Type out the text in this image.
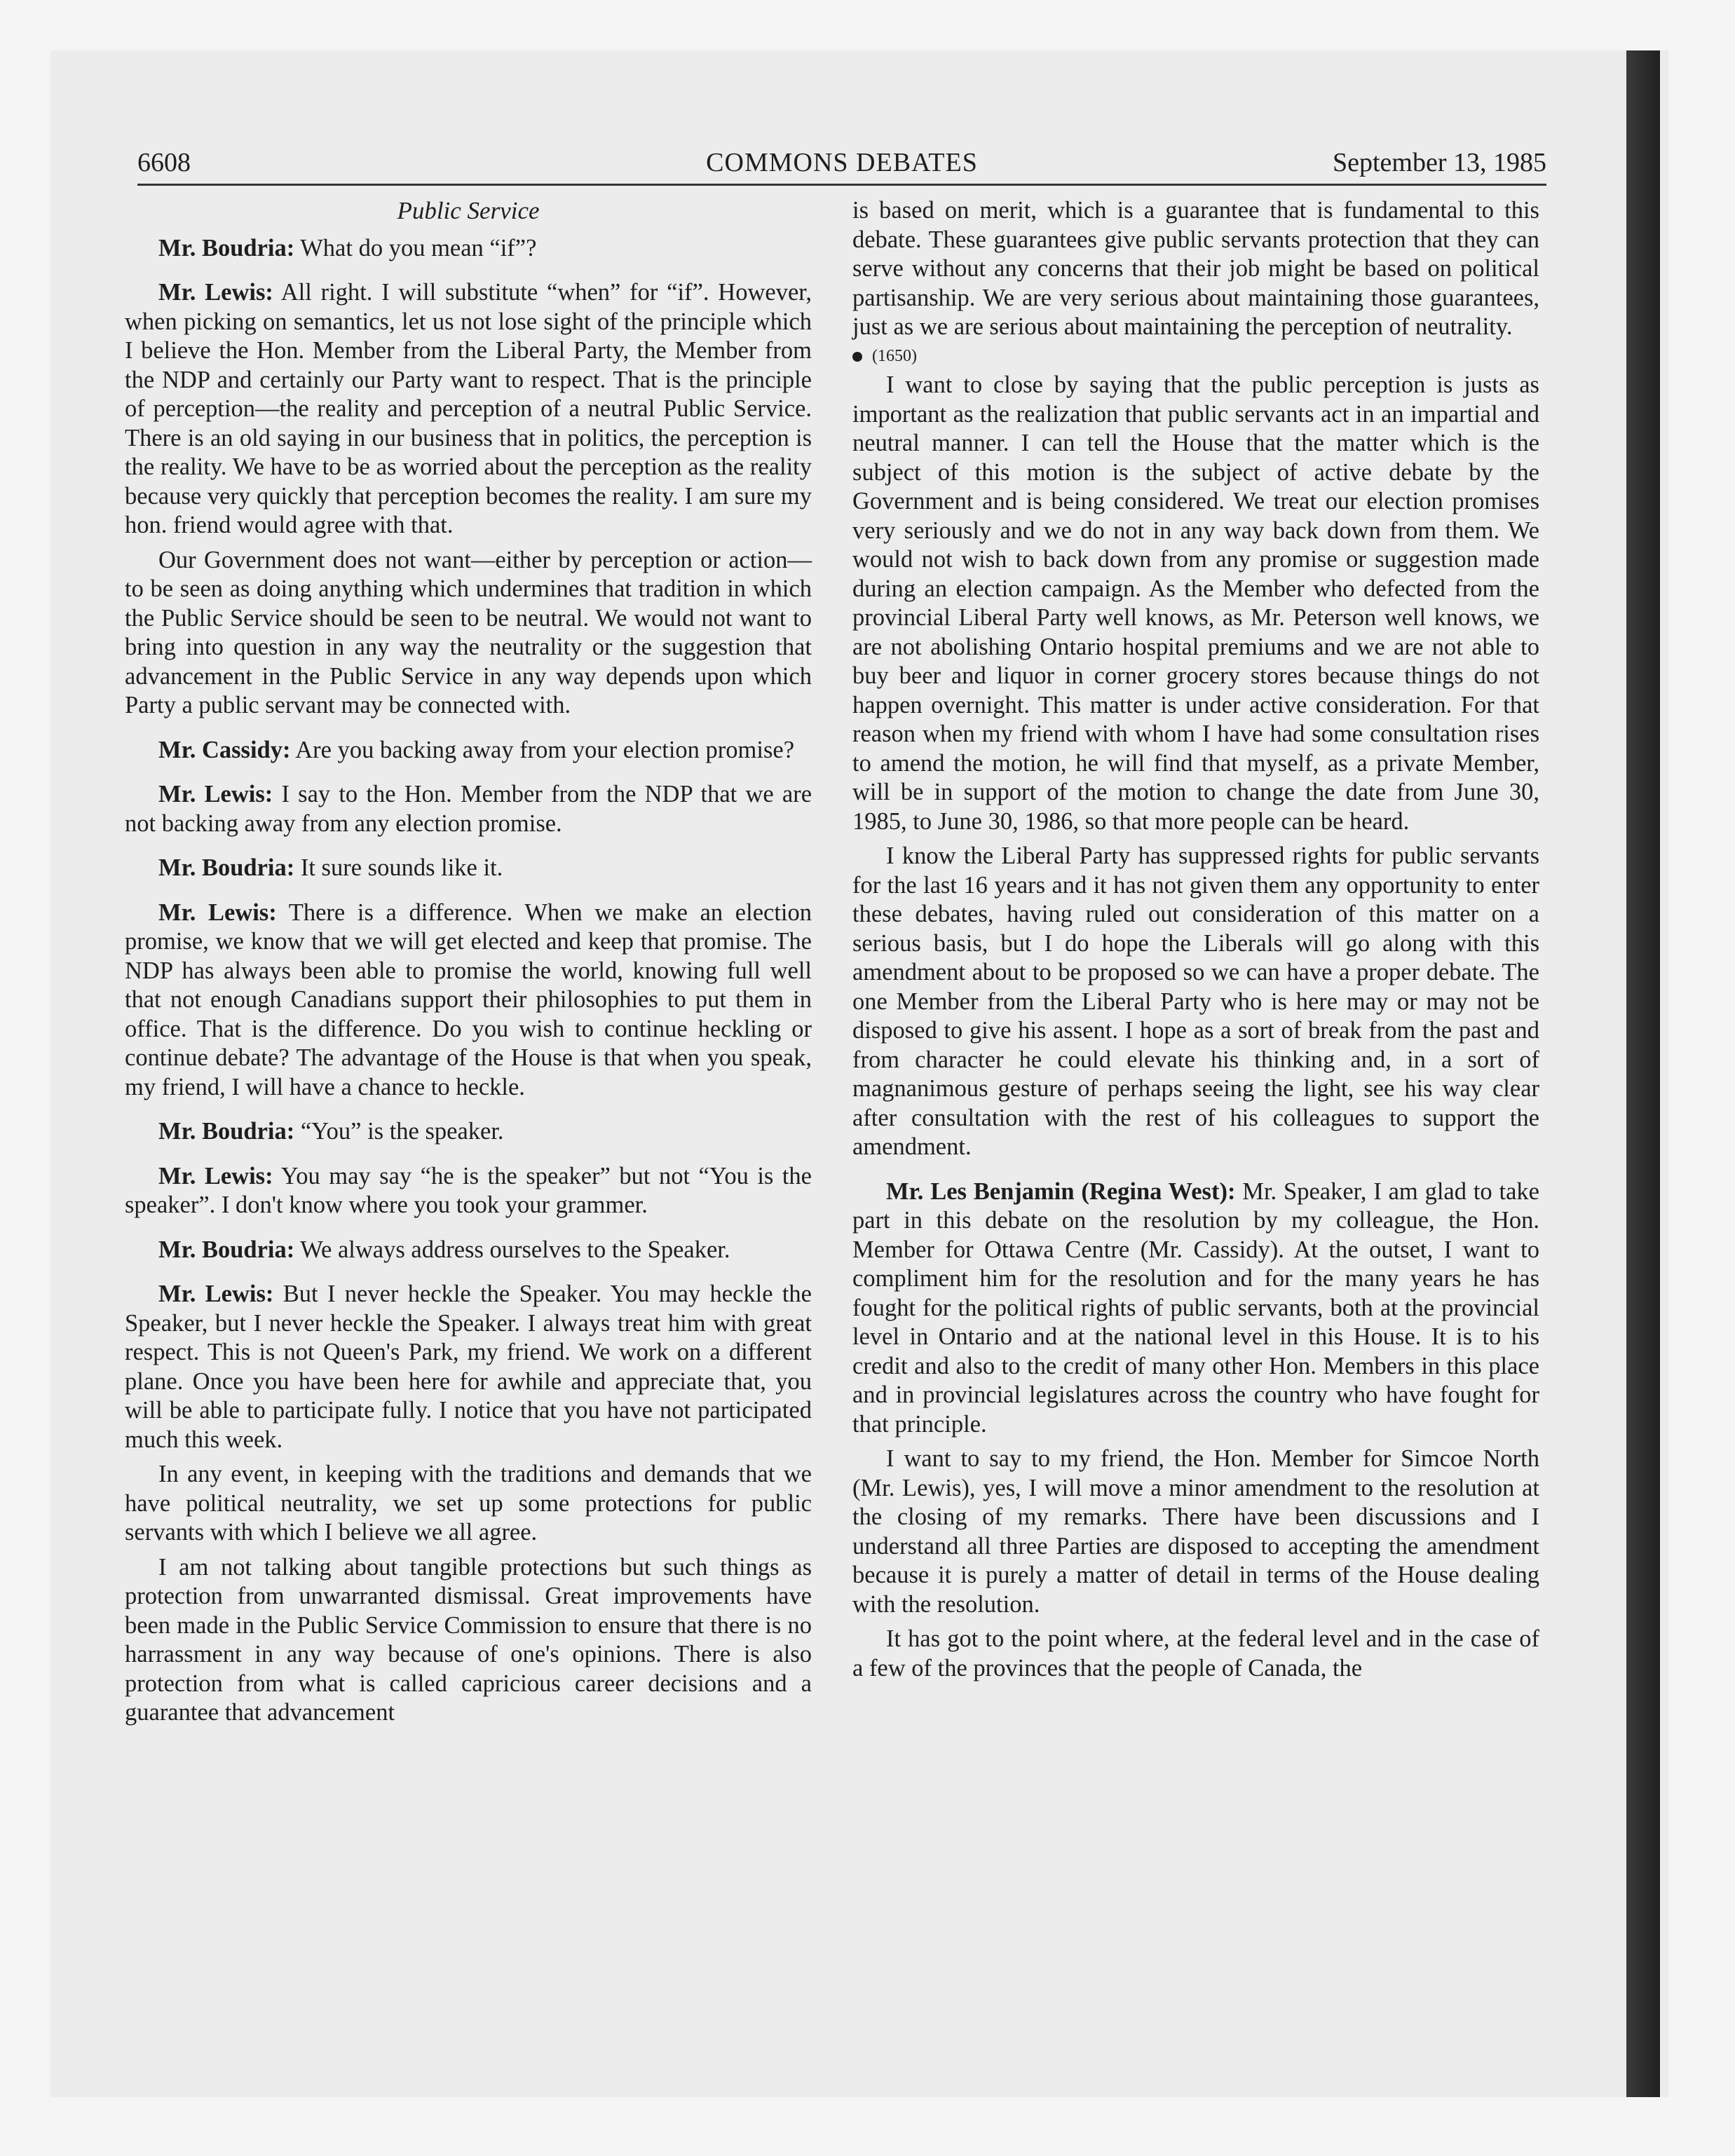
6608	COMMONS DEBATES	September 13, 1985
Public Service

Mr. Boudria: What do you mean “if”?

Mr. Lewis: All right. I will substitute “when” for “if”. However, when picking on semantics, let us not lose sight of the principle which I believe the Hon. Member from the Liberal Party, the Member from the NDP and certainly our Party want to respect. That is the principle of perception—the reality and perception of a neutral Public Service. There is an old saying in our business that in politics, the perception is the reality. We have to be as worried about the perception as the reality because very quickly that perception becomes the reality. I am sure my hon. friend would agree with that.

Our Government does not want—either by perception or action—to be seen as doing anything which undermines that tradition in which the Public Service should be seen to be neutral. We would not want to bring into question in any way the neutrality or the suggestion that advancement in the Public Service in any way depends upon which Party a public servant may be connected with.

Mr. Cassidy: Are you backing away from your election promise?

Mr. Lewis: I say to the Hon. Member from the NDP that we are not backing away from any election promise.

Mr. Boudria: It sure sounds like it.

Mr. Lewis: There is a difference. When we make an election promise, we know that we will get elected and keep that promise. The NDP has always been able to promise the world, knowing full well that not enough Canadians support their philosophies to put them in office. That is the difference. Do you wish to continue heckling or continue debate? The advantage of the House is that when you speak, my friend, I will have a chance to heckle.

Mr. Boudria: “You” is the speaker.

Mr. Lewis: You may say “he is the speaker” but not “You is the speaker”. I don't know where you took your grammer.

Mr. Boudria: We always address ourselves to the Speaker.

Mr. Lewis: But I never heckle the Speaker. You may heckle the Speaker, but I never heckle the Speaker. I always treat him with great respect. This is not Queen's Park, my friend. We work on a different plane. Once you have been here for awhile and appreciate that, you will be able to participate fully. I notice that you have not participated much this week.

In any event, in keeping with the traditions and demands that we have political neutrality, we set up some protections for public servants with which I believe we all agree.

I am not talking about tangible protections but such things as protection from unwarranted dismissal. Great improvements have been made in the Public Service Commission to ensure that there is no harrassment in any way because of one's opinions. There is also protection from what is called capricious career decisions and a guarantee that advancement

is based on merit, which is a guarantee that is fundamental to this debate. These guarantees give public servants protection that they can serve without any concerns that their job might be based on political partisanship. We are very serious about maintaining those guarantees, just as we are serious about maintaining the perception of neutrality.

(1650)

I want to close by saying that the public perception is justs as important as the realization that public servants act in an impartial and neutral manner. I can tell the House that the matter which is the subject of this motion is the subject of active debate by the Government and is being considered. We treat our election promises very seriously and we do not in any way back down from them. We would not wish to back down from any promise or suggestion made during an election campaign. As the Member who defected from the provincial Liberal Party well knows, as Mr. Peterson well knows, we are not abolishing Ontario hospital premiums and we are not able to buy beer and liquor in corner grocery stores because things do not happen overnight. This matter is under active consideration. For that reason when my friend with whom I have had some consultation rises to amend the motion, he will find that myself, as a private Member, will be in support of the motion to change the date from June 30, 1985, to June 30, 1986, so that more people can be heard.

I know the Liberal Party has suppressed rights for public servants for the last 16 years and it has not given them any opportunity to enter these debates, having ruled out consideration of this matter on a serious basis, but I do hope the Liberals will go along with this amendment about to be proposed so we can have a proper debate. The one Member from the Liberal Party who is here may or may not be disposed to give his assent. I hope as a sort of break from the past and from character he could elevate his thinking and, in a sort of magnanimous gesture of perhaps seeing the light, see his way clear after consultation with the rest of his colleagues to support the amendment.

Mr. Les Benjamin (Regina West): Mr. Speaker, I am glad to take part in this debate on the resolution by my colleague, the Hon. Member for Ottawa Centre (Mr. Cassidy). At the outset, I want to compliment him for the resolution and for the many years he has fought for the political rights of public servants, both at the provincial level in Ontario and at the national level in this House. It is to his credit and also to the credit of many other Hon. Members in this place and in provincial legislatures across the country who have fought for that principle.

I want to say to my friend, the Hon. Member for Simcoe North (Mr. Lewis), yes, I will move a minor amendment to the resolution at the closing of my remarks. There have been discussions and I understand all three Parties are disposed to accepting the amendment because it is purely a matter of detail in terms of the House dealing with the resolution.

It has got to the point where, at the federal level and in the case of a few of the provinces that the people of Canada, the
